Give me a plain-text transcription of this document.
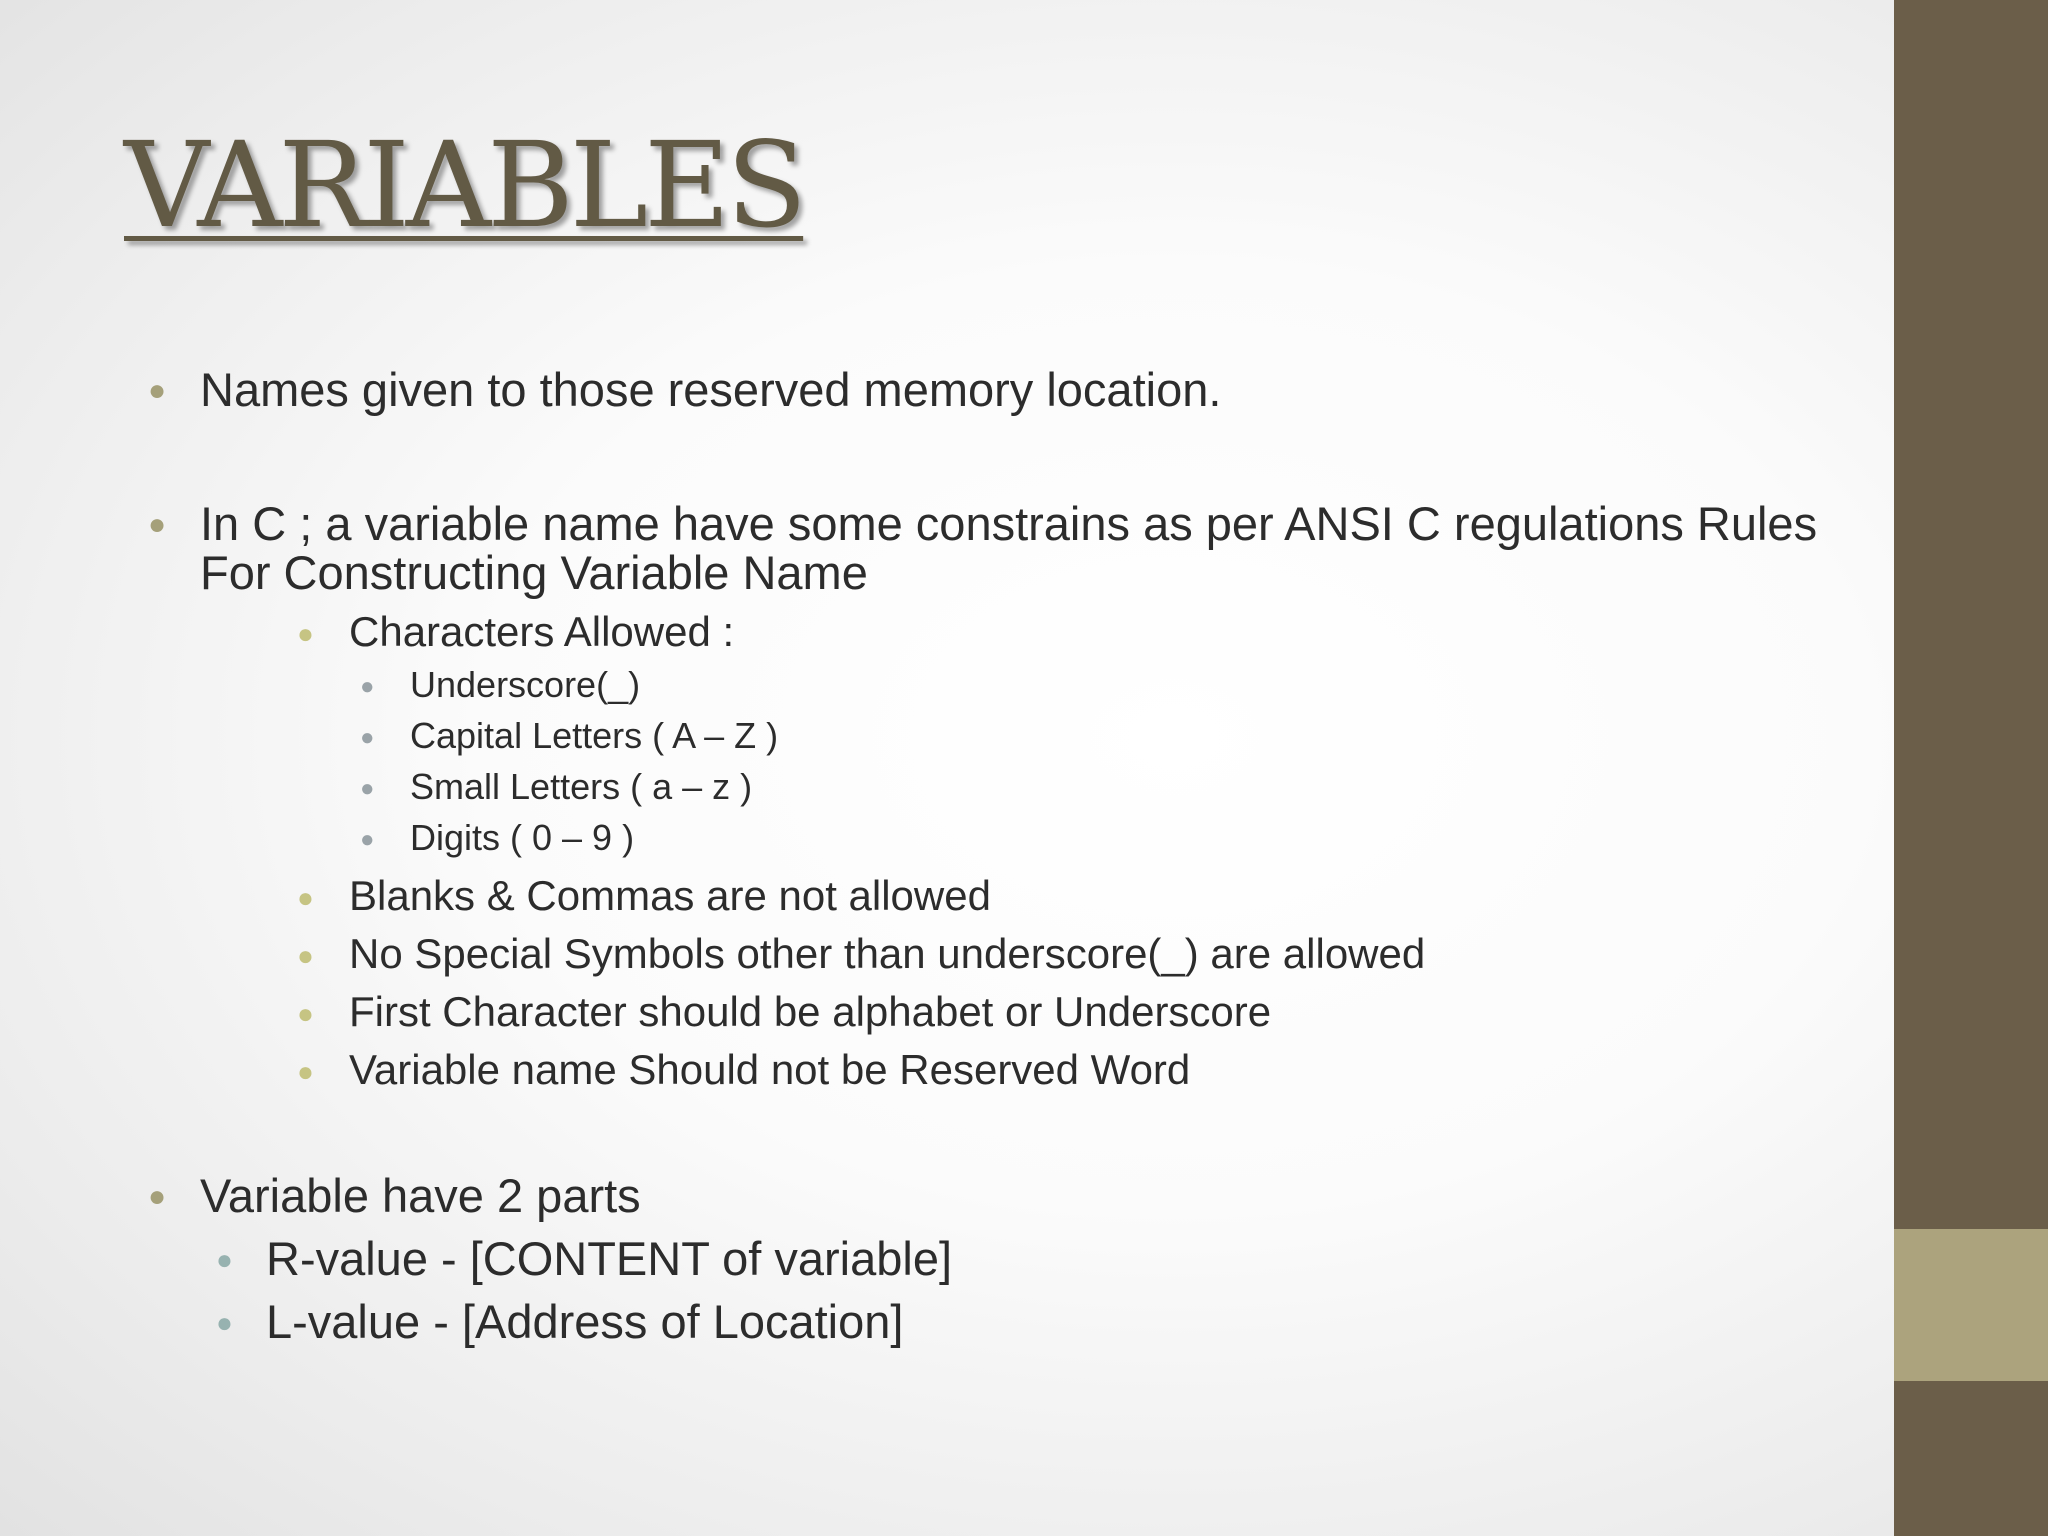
VARIABLES
● Names given to those reserved memory location.
● In C ; a variable name have some constrains as per ANSI C regulations Rules
For Constructing Variable Name
● Characters Allowed :
● Underscore(_)
● Capital Letters ( A – Z )
● Small Letters ( a – z )
● Digits ( 0 – 9 )
● Blanks & Commas are not allowed
● No Special Symbols other than underscore(_) are allowed
● First Character should be alphabet or Underscore
● Variable name Should not be Reserved Word
● Variable have 2 parts
● R-value - [CONTENT of variable]
● L-value - [Address of Location]
